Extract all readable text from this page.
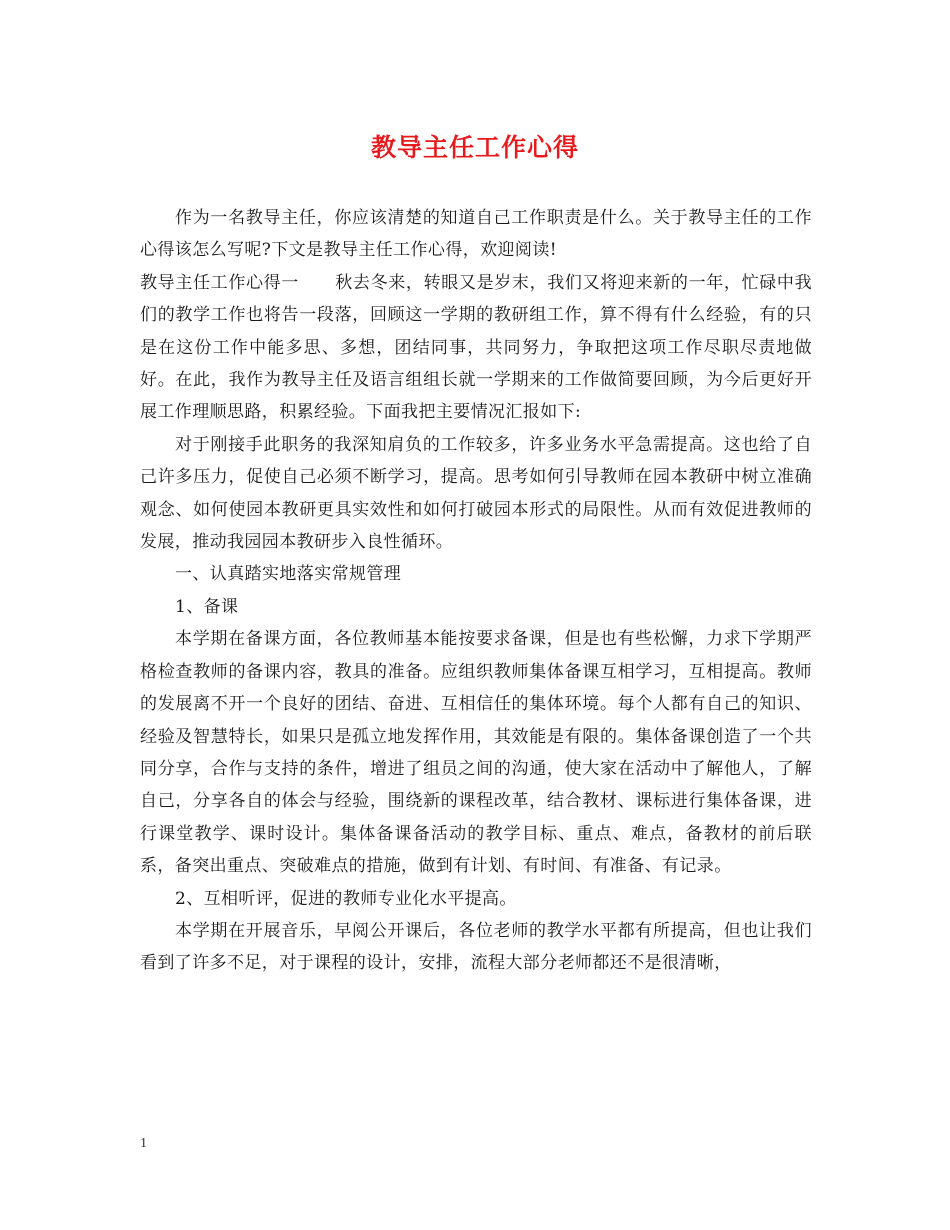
教导主任工作心得

作为一名教导主任，你应该清楚的知道自己工作职责是什么。关于教导主任的工作心得该怎么写呢?下文是教导主任工作心得，欢迎阅读!

教导主任工作心得一 秋去冬来，转眼又是岁末，我们又将迎来新的一年，忙碌中我们的教学工作也将告一段落，回顾这一学期的教研组工作，算不得有什么经验，有的只是在这份工作中能多思、多想，团结同事，共同努力，争取把这项工作尽职尽责地做好。在此，我作为教导主任及语言组组长就一学期来的工作做简要回顾，为今后更好开展工作理顺思路，积累经验。下面我把主要情况汇报如下:

对于刚接手此职务的我深知肩负的工作较多，许多业务水平急需提高。这也给了自己许多压力，促使自己必须不断学习，提高。思考如何引导教师在园本教研中树立准确观念、如何使园本教研更具实效性和如何打破园本形式的局限性。从而有效促进教师的发展，推动我园园本教研步入良性循环。

一、认真踏实地落实常规管理

1、备课

本学期在备课方面，各位教师基本能按要求备课，但是也有些松懈，力求下学期严格检查教师的备课内容，教具的准备。应组织教师集体备课互相学习，互相提高。教师的发展离不开一个良好的团结、奋进、互相信任的集体环境。每个人都有自己的知识、经验及智慧特长，如果只是孤立地发挥作用，其效能是有限的。集体备课创造了一个共同分享，合作与支持的条件，增进了组员之间的沟通，使大家在活动中了解他人，了解自己，分享各自的体会与经验，围绕新的课程改革，结合教材、课标进行集体备课，进行课堂教学、课时设计。集体备课备活动的教学目标、重点、难点，备教材的前后联系，备突出重点、突破难点的措施，做到有计划、有时间、有准备、有记录。

2、互相听评，促进的教师专业化水平提高。

本学期在开展音乐，早阅公开课后，各位老师的教学水平都有所提高，但也让我们看到了许多不足，对于课程的设计，安排，流程大部分老师都还不是很清晰，

1
